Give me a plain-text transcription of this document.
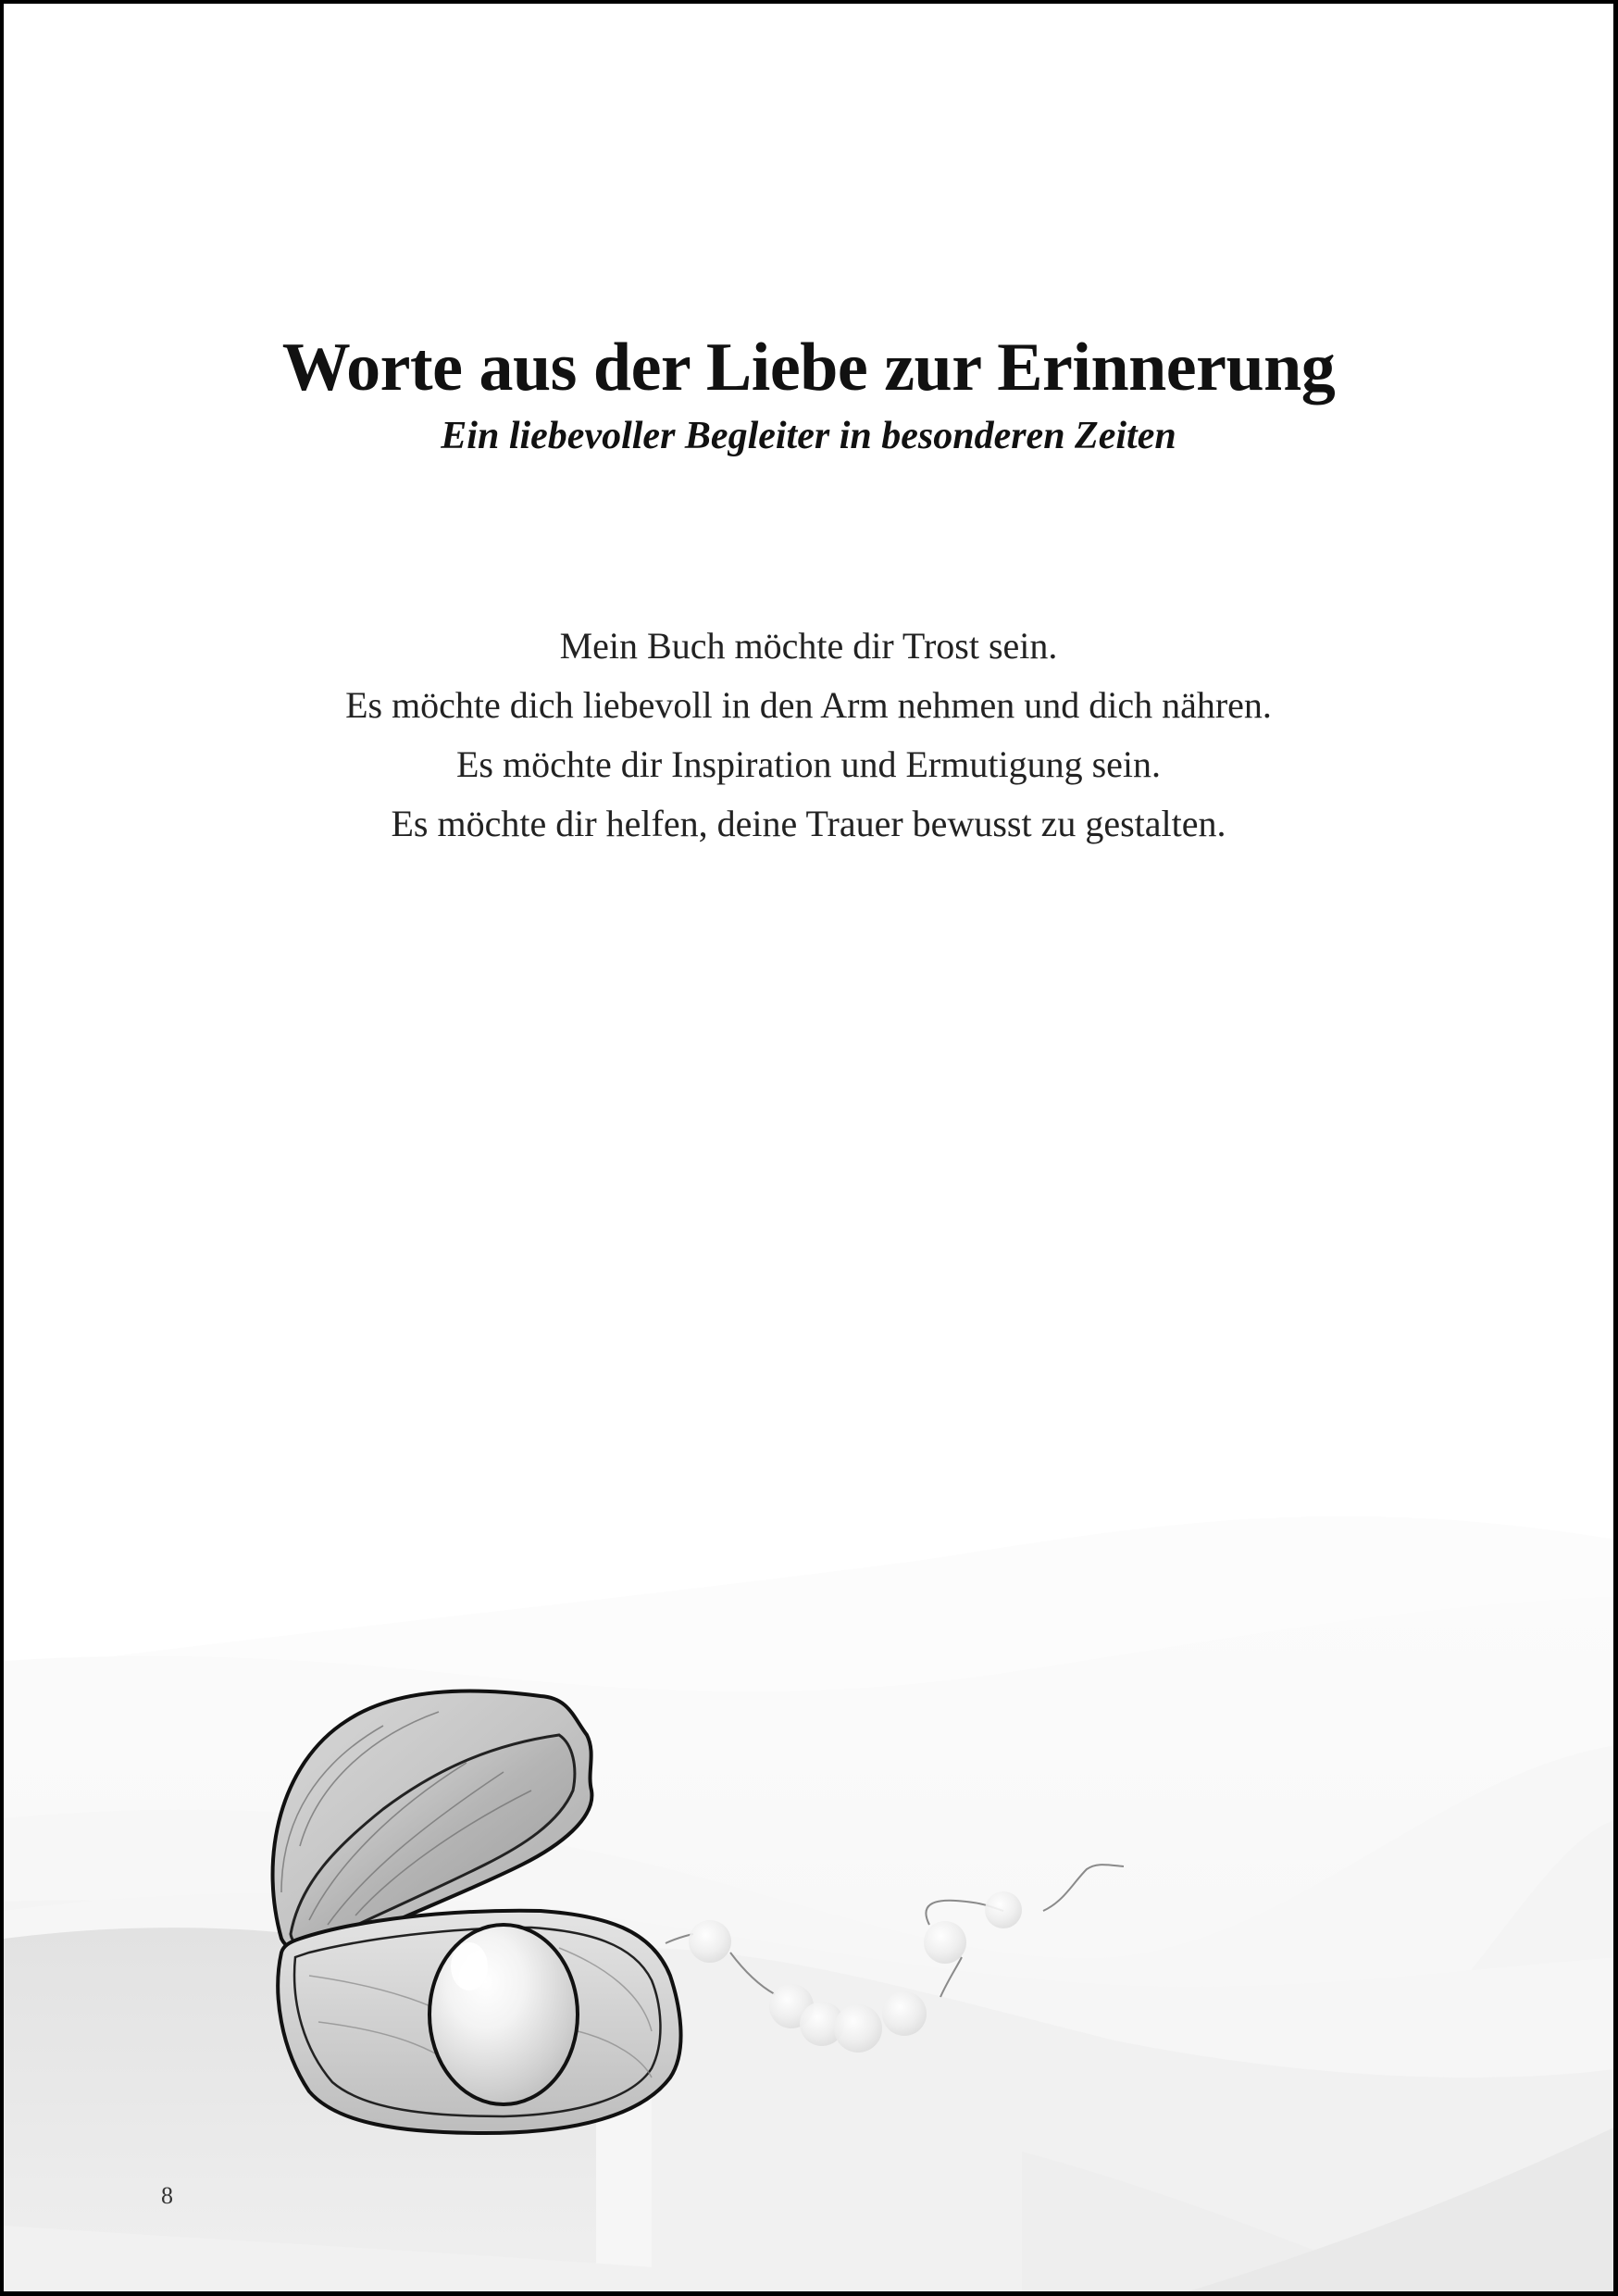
Worte aus der Liebe zur Erinnerung
Ein liebevoller Begleiter in besonderen Zeiten
Mein Buch möchte dir Trost sein.
Es möchte dich liebevoll in den Arm nehmen und dich nähren.
Es möchte dir Inspiration und Ermutigung sein.
Es möchte dir helfen, deine Trauer bewusst zu gestalten.
8
